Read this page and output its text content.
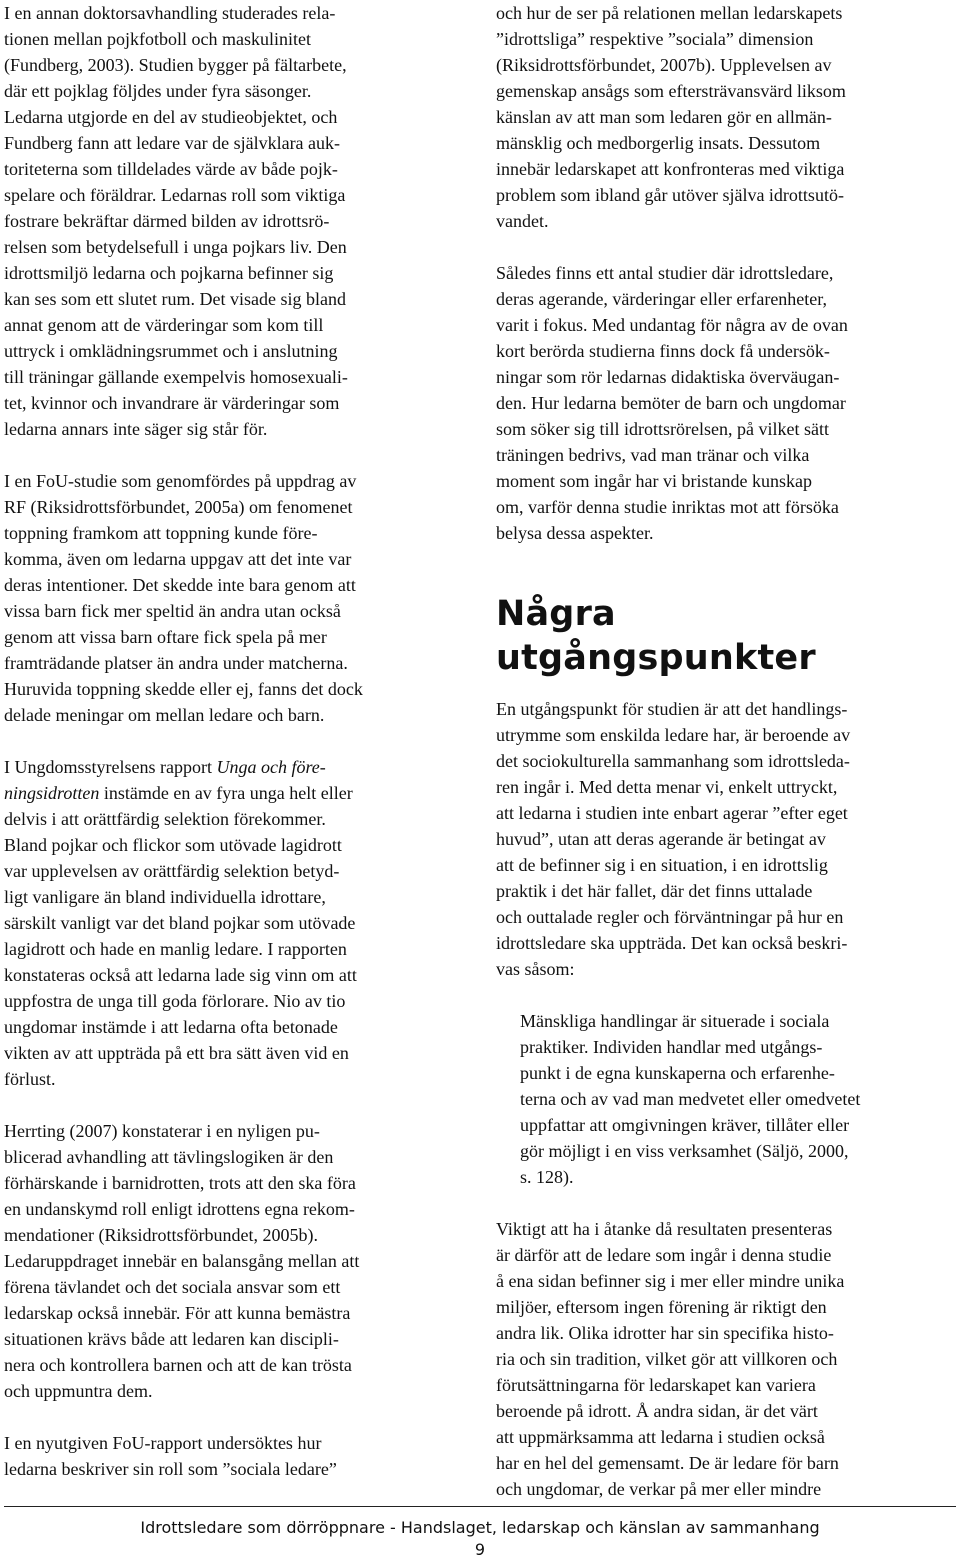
I en annan doktorsavhandling studerades rela-
tionen mellan pojkfotboll och maskulinitet
(Fundberg, 2003). Studien bygger på fältarbete,
där ett pojklag följdes under fyra säsonger.
Ledarna utgjorde en del av studieobjektet, och
Fundberg fann att ledare var de självklara auk-
toriteterna som tilldelades värde av både pojk-
spelare och föräldrar. Ledarnas roll som viktiga
fostrare bekräftar därmed bilden av idrottsrö-
relsen som betydelsefull i unga pojkars liv. Den
idrottsmiljö ledarna och pojkarna befinner sig
kan ses som ett slutet rum. Det visade sig bland
annat genom att de värderingar som kom till
uttryck i omklädningsrummet och i anslutning
till träningar gällande exempelvis homosexuali-
tet, kvinnor och invandrare är värderingar som
ledarna annars inte säger sig står för.

I en FoU-studie som genomfördes på uppdrag av
RF (Riksidrottsförbundet, 2005a) om fenomenet
toppning framkom att toppning kunde före-
komma, även om ledarna uppgav att det inte var
deras intentioner. Det skedde inte bara genom att
vissa barn fick mer speltid än andra utan också
genom att vissa barn oftare fick spela på mer
framträdande platser än andra under matcherna.
Huruvida toppning skedde eller ej, fanns det dock
delade meningar om mellan ledare och barn.

I Ungdomsstyrelsens rapport Unga och före-
ningsidrotten instämde en av fyra unga helt eller
delvis i att orättfärdig selektion förekommer.
Bland pojkar och flickor som utövade lagidrott
var upplevelsen av orättfärdig selektion betyd-
ligt vanligare än bland individuella idrottare,
särskilt vanligt var det bland pojkar som utövade
lagidrott och hade en manlig ledare. I rapporten
konstateras också att ledarna lade sig vinn om att
uppfostra de unga till goda förlorare. Nio av tio
ungdomar instämde i att ledarna ofta betonade
vikten av att uppträda på ett bra sätt även vid en
förlust.

Herrting (2007) konstaterar i en nyligen pu-
blicerad avhandling att tävlingslogiken är den
förhärskande i barnidrotten, trots att den ska föra
en undanskymd roll enligt idrottens egna rekom-
mendationer (Riksidrottsförbundet, 2005b).
Ledaruppdraget innebär en balansgång mellan att
förena tävlandet och det sociala ansvar som ett
ledarskap också innebär. För att kunna bemästra
situationen krävs både att ledaren kan discipli-
nera och kontrollera barnen och att de kan trösta
och uppmuntra dem.

I en nyutgiven FoU-rapport undersöktes hur
ledarna beskriver sin roll som ”sociala ledare”

och hur de ser på relationen mellan ledarskapets
”idrottsliga” respektive ”sociala” dimension
(Riksidrottsförbundet, 2007b). Upplevelsen av
gemenskap ansågs som eftersträvansvärd liksom
känslan av att man som ledaren gör en allmän-
mänsklig och medborgerlig insats. Dessutom
innebär ledarskapet att konfronteras med viktiga
problem som ibland går utöver själva idrottsutö-
vandet.

Således finns ett antal studier där idrottsledare,
deras agerande, värderingar eller erfarenheter,
varit i fokus. Med undantag för några av de ovan
kort berörda studierna finns dock få undersök-
ningar som rör ledarnas didaktiska överväugan-
den. Hur ledarna bemöter de barn och ungdomar
som söker sig till idrottsrörelsen, på vilket sätt
träningen bedrivs, vad man tränar och vilka
moment som ingår har vi bristande kunskap
om, varför denna studie inriktas mot att försöka
belysa dessa aspekter.

Några utgångspunkter

En utgångspunkt för studien är att det handlings-
utrymme som enskilda ledare har, är beroende av
det sociokulturella sammanhang som idrottsleda-
ren ingår i. Med detta menar vi, enkelt uttryckt,
att ledarna i studien inte enbart agerar ”efter eget
huvud”, utan att deras agerande är betingat av
att de befinner sig i en situation, i en idrottslig
praktik i det här fallet, där det finns uttalade
och outtalade regler och förväntningar på hur en
idrottsledare ska uppträda. Det kan också beskri-
vas såsom:

Mänskliga handlingar är situerade i sociala
praktiker. Individen handlar med utgångs-
punkt i de egna kunskaperna och erfarenhe-
terna och av vad man medvetet eller omedvetet
uppfattar att omgivningen kräver, tillåter eller
gör möjligt i en viss verksamhet (Säljö, 2000,
s. 128).

Viktigt att ha i åtanke då resultaten presenteras
är därför att de ledare som ingår i denna studie
å ena sidan befinner sig i mer eller mindre unika
miljöer, eftersom ingen förening är riktigt den
andra lik. Olika idrotter har sin specifika histo-
ria och sin tradition, vilket gör att villkoren och
förutsättningarna för ledarskapet kan variera
beroende på idrott. Å andra sidan, är det värt
att uppmärksamma att ledarna i studien också
har en hel del gemensamt. De är ledare för barn
och ungdomar, de verkar på mer eller mindre

Idrottsledare som dörröppnare - Handslaget, ledarskap och känslan av sammanhang
9
